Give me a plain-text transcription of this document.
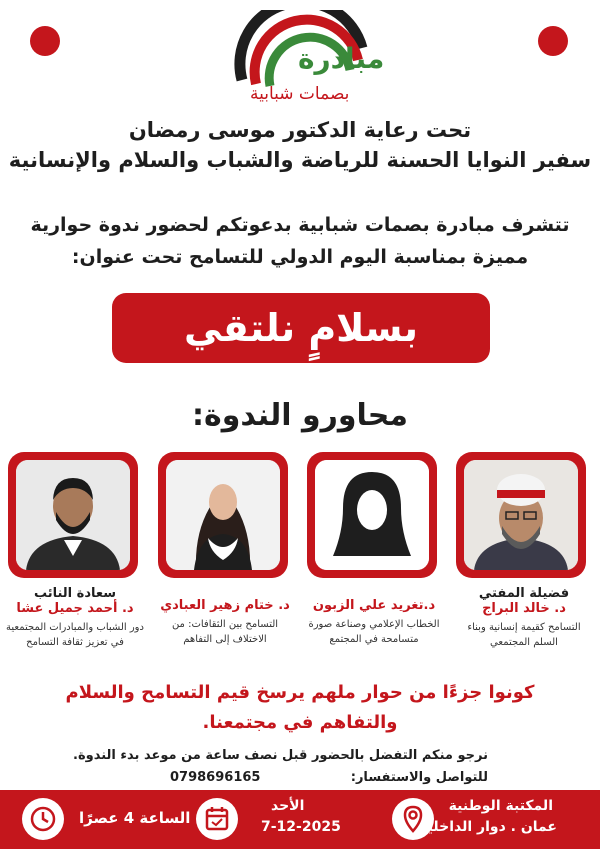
مبادرة
بصمات شبابية
تحت رعاية الدكتور موسى رمضان
سفير النوايا الحسنة للرياضة والشباب والسلام والإنسانية
تتشرف مبادرة بصمات شبابية بدعوتكم لحضور ندوة حوارية
مميزة بمناسبة اليوم الدولي للتسامح تحت عنوان:
بسلامٍ نلتقي
محاورو الندوة:
فضيلة المفتي
د. خالد البراج
التسامح كقيمة إنسانية وبناء
السلم المجتمعي
د.تغريد علي الزبون
الخطاب الإعلامي وصناعة صورة
متسامحة في المجتمع
د. ختام زهير العبادي
التسامح بين الثقافات: من
الاختلاف إلى التفاهم
سعادة النائب
د. أحمد جميل عشا
دور الشباب والمبادرات المجتمعية
في تعزيز ثقافة التسامح
كونوا جزءًا من حوار ملهم يرسخ قيم التسامح والسلام
والتفاهم في مجتمعنا.
نرجو منكم التفضل بالحضور قبل نصف ساعة من موعد بدء الندوة.
للتواصل والاستفسار:
0798696165
المكتبة الوطنية
عمان . دوار الداخلية
الأحد
7-12-2025
الساعة 4 عصرًا
